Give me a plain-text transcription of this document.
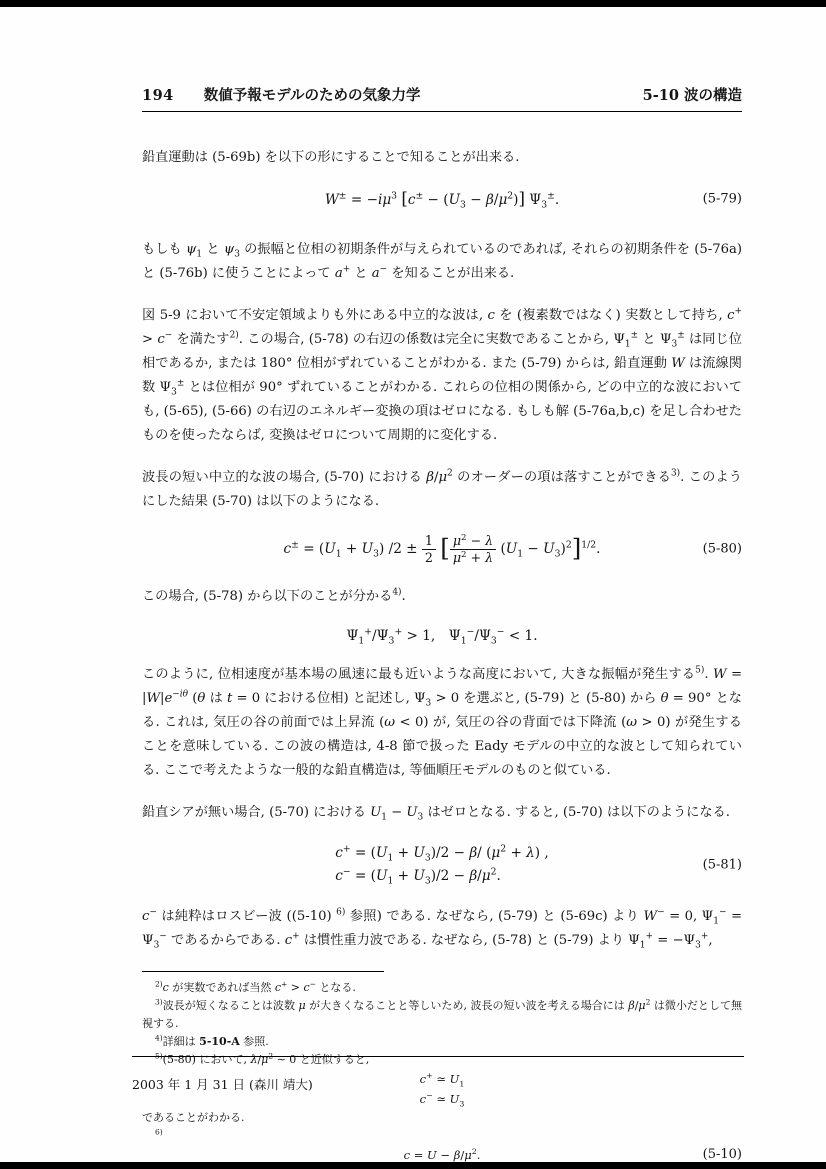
194 数値予報モデルのための気象力学	5-10 波の構造

鉛直運動は (5-69b) を以下の形にすることで知ることが出来る.

$W^\pm = -i\mu^3$ $[c^\pm - (U_3 - \beta/\mu^2)]$ $\Psi_3^\pm$.	(5-79)

もしも $\psi_1$ と $\psi_3$ の振幅と位相の初期条件が与えられているのであれば, それらの初期条件を (5-76a) と (5-76b) に使うことによって a+ と a− を知ることが出来る.

図 5-9 において不安定領域よりも外にある中立的な波は, c を (複素数ではなく) 実数として持ち, c+ > c− を満たす$^{2)}$. この場合, (5-78) の右辺の係数は完全に実数であることから, $\Psi_1^\pm$ と $\Psi_3^\pm$ は同じ位相であるか, または 180° 位相がずれていることがわかる. また (5-79) からは, 鉛直運動 W は流線関数 $\Psi_3^\pm$ とは位相が 90° ずれていることがわかる. これらの位相の関係から, どの中立的な波においても, (5-65), (5-66) の右辺のエネルギー変換の項はゼロになる. もしも解 (5-76a,b,c) を足し合わせたものを使ったならば, 変換はゼロについて周期的に変化する.

波長の短い中立的な波の場合, (5-70) における $\beta/\mu^2$ のオーダーの項は落すことができる$^{3)}$. このようにした結果 (5-70) は以下のようになる.

$c^\pm = (U_1 + U_3) /2 \pm \frac{1}{2}$ [ $\frac{\mu^2 - \lambda}{\mu^2 + \lambda} (U_1 - U_3)^2]^{1/2}$.	(5-80)

この場合, (5-78) から以下のことが分かる$^{4)}$.

$\Psi_1^+/\Psi_3^+ > 1$, $\Psi_1^-/\Psi_3^- < 1$.

このように, 位相速度が基本場の風速に最も近いような高度において, 大きな振幅が発生する$^{5)}$. $W = |W|e^{-i\theta}$ (θ は t = 0 における位相) と記述し, $\Psi_3 > 0$ を選ぶと, (5-79) と (5-80) から θ = 90° となる. これは, 気圧の谷の前面では上昇流 (ω < 0) が, 気圧の谷の背面では下降流 (ω > 0) が発生することを意味している. この波の構造は, 4-8 節で扱った Eady モデルの中立的な波として知られている. ここで考えたような一般的な鉛直構造は, 等価順圧モデルのものと似ている.

鉛直シアが無い場合, (5-70) における $U_1 - U_3$ はゼロとなる. すると, (5-70) は以下のようになる.

$c^+ = (U_1 + U_3)/2 - \beta/$ $(\mu^2 + \lambda)$ ,
$c^- = (U_1 + U_3)/2 - \beta/\mu^2$.
(5-81)

c− は純粋はロスビー波 ((5-10) $^{6)}$ 参照) である. なぜなら, (5-79) と (5-69c) より W− = 0, $\Psi_1^- = \Psi_3^-$ であるからである. c+ は慣性重力波である. なぜなら, (5-78) と (5-79) より $\Psi_1^+ = -\Psi_3^+$,

$^{2)}$c が実数であれば当然 c+ > c− となる.

$^{3)}$波長が短くなることは波数 μ が大きくなることと等しいため, 波長の短い波を考える場合には $\beta/\mu^2$ は微小だとして無視する.

$^{4)}$詳細は 5-10-A 参照.

$^{5)}$(5-80) において, $\lambda/\mu^2$ ∼ 0 と近似すると,

c+ ≃ $U_1$
c− ≃ $U_3$

であることがわかる.

$^{6)}$

$c = U - \beta/\mu^2$.	(5-10)
2003 年 1 月 31 日 (森川 靖大)
